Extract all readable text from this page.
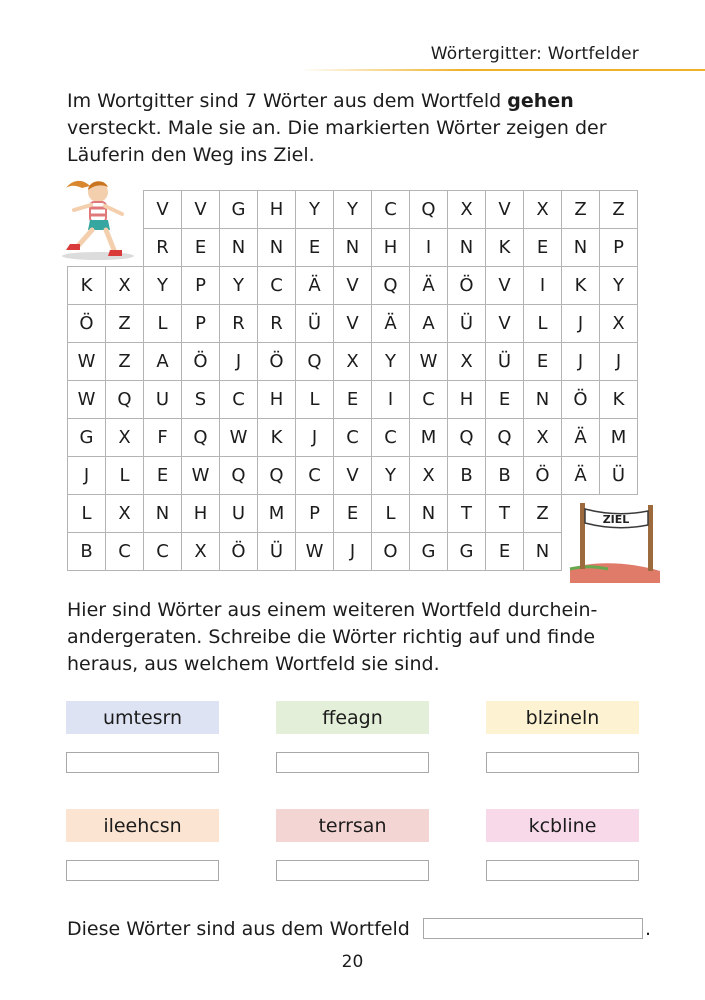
Wörtergitter: Wortfelder
Im Wortgitter sind 7 Wörter aus dem Wortfeld gehen
versteckt. Male sie an. Die markierten Wörter zeigen der
Läuferin den Weg ins Ziel.
		V	V	G	H	Y	Y	C	Q	X	V	X	Z	Z
		R	E	N	N	E	N	H	I	N	K	E	N	P
K	X	Y	P	Y	C	Ä	V	Q	Ä	Ö	V	I	K	Y
Ö	Z	L	P	R	R	Ü	V	Ä	A	Ü	V	L	J	X
W	Z	A	Ö	J	Ö	Q	X	Y	W	X	Ü	E	J	J
W	Q	U	S	C	H	L	E	I	C	H	E	N	Ö	K
G	X	F	Q	W	K	J	C	C	M	Q	Q	X	Ä	M
J	L	E	W	Q	Q	C	V	Y	X	B	B	Ö	Ä	Ü
L	X	N	H	U	M	P	E	L	N	T	T	Z		
B	C	C	X	Ö	Ü	W	J	O	G	G	E	N		
ZIEL
Hier sind Wörter aus einem weiteren Wortfeld durchein-
andergeraten. Schreibe die Wörter richtig auf und finde
heraus, aus welchem Wortfeld sie sind.
umtesrn	ffeagn	blzineln
ileehcsn	terrsan	kcbline
Diese Wörter sind aus dem Wortfeld	.
20
